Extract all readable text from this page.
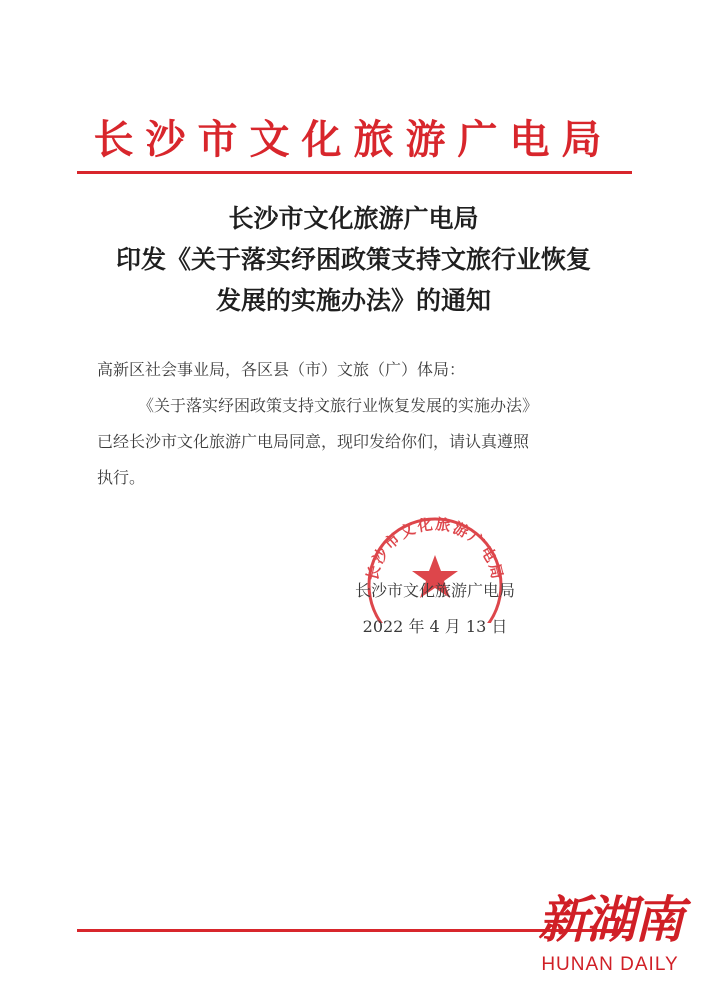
长沙市文化旅游广电局
长沙市文化旅游广电局
印发《关于落实纾困政策支持文旅行业恢复
发展的实施办法》的通知

高新区社会事业局，各区县（市）文旅（广）体局：

《关于落实纾困政策支持文旅行业恢复发展的实施办法》

已经长沙市文化旅游广电局同意，现印发给你们，请认真遵照

执行。

长沙市文化旅游广电局
长沙市文化旅游广电局
2022 年 4 月 13 日
新湖南
HUNAN DAILY
